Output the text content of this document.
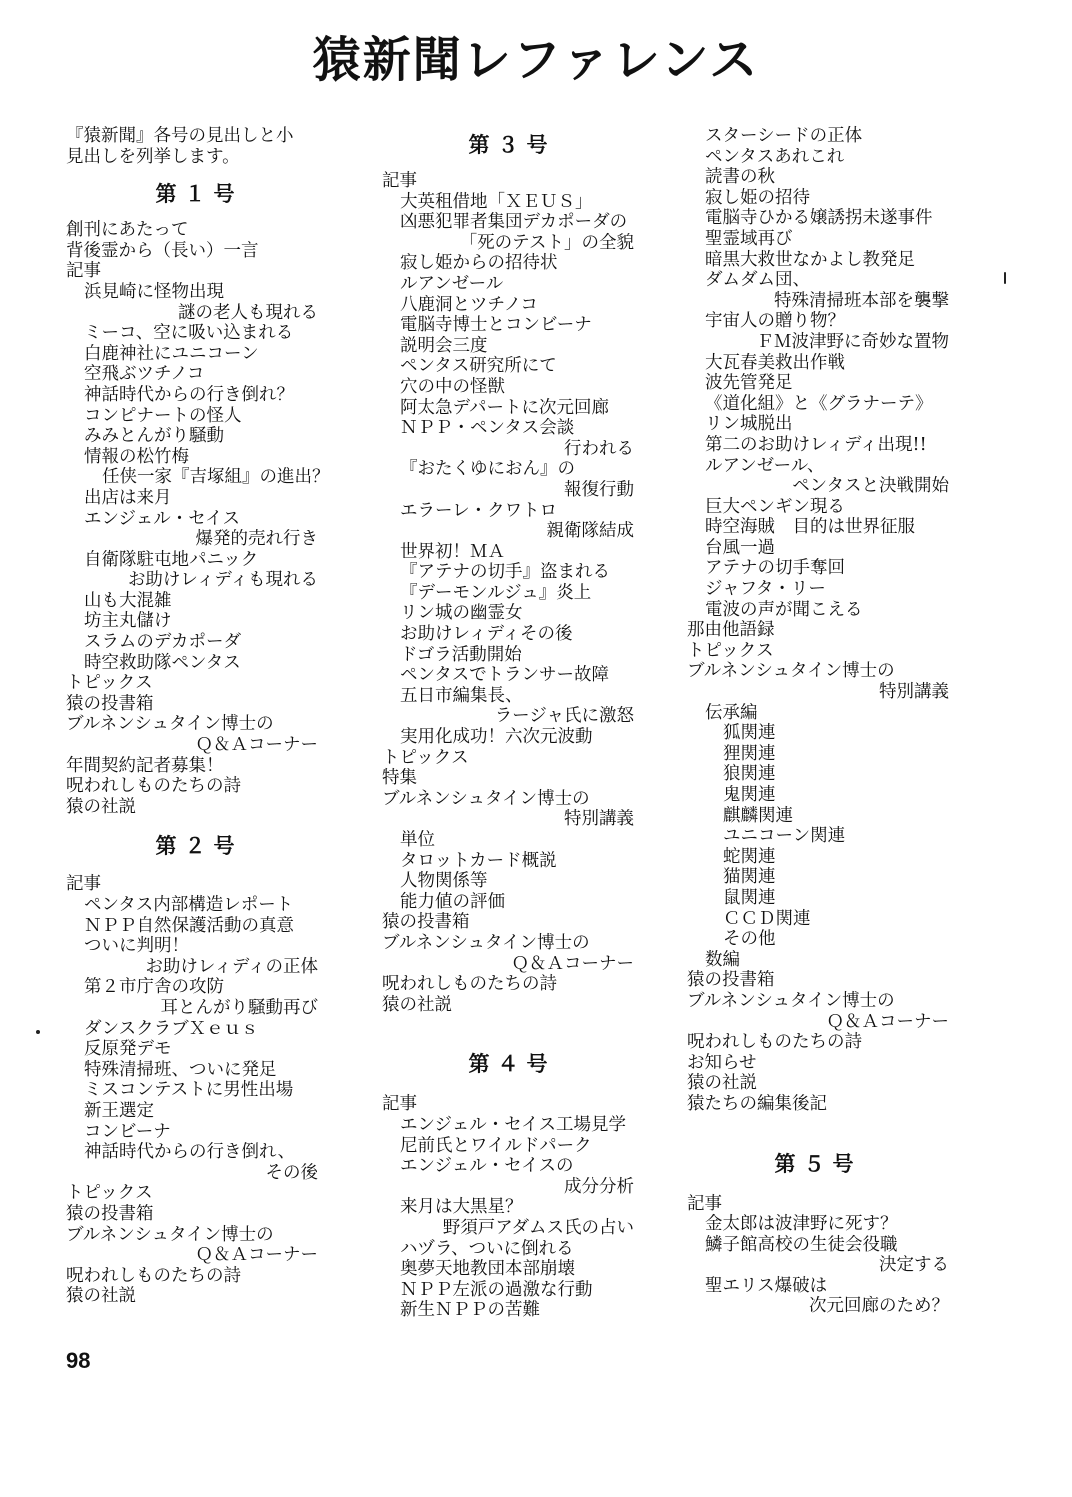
猿新聞レファレンス
『猿新聞』各号の見出しと小
見出しを列挙します。
第１号
創刊にあたって
背後霊から（長い）一言
記事
浜見崎に怪物出現
謎の老人も現れる
ミーコ、空に吸い込まれる
白鹿神社にユニコーン
空飛ぶツチノコ
神話時代からの行き倒れ？
コンピナートの怪人
みみとんがり騒動
情報の松竹梅
任侠一家『吉塚組』の進出？
出店は来月
エンジェル・セイス
爆発的売れ行き
自衛隊駐屯地パニック
お助けレィディも現れる
山も大混雑
坊主丸儲け
スラムのデカポーダ
時空救助隊ペンタス
トピックス
猿の投書箱
ブルネンシュタイン博士の
Ｑ＆Ａコーナー
年間契約記者募集！
呪われしものたちの詩
猿の社説
第２号
記事
ペンタス内部構造レポート
ＮＰＰ自然保護活動の真意
ついに判明！
お助けレィディの正体
第２市庁舎の攻防
耳とんがり騒動再び
ダンスクラブＸｅｕｓ
反原発デモ
特殊清掃班、ついに発足
ミスコンテストに男性出場
新王選定
コンビーナ
神話時代からの行き倒れ、
その後
トピックス
猿の投書箱
ブルネンシュタイン博士の
Ｑ＆Ａコーナー
呪われしものたちの詩
猿の社説
第３号
記事
大英租借地「ＸＥＵＳ」
凶悪犯罪者集団デカポーダの
「死のテスト」の全貌
寂し姫からの招待状
ルアンゼール
八鹿洞とツチノコ
電脳寺博士とコンビーナ
説明会三度
ペンタス研究所にて
穴の中の怪獣
阿太急デパートに次元回廊
ＮＰＰ・ペンタス会談
行われる
『おたくゆにおん』の
報復行動
エラーレ・クワトロ
親衛隊結成
世界初！ＭＡ
『アテナの切手』盗まれる
『デーモンルジュ』炎上
リン城の幽霊女
お助けレィディその後
ドゴラ活動開始
ペンタスでトランサー故障
五日市編集長、
ラージャ氏に激怒
実用化成功！六次元波動
トピックス
特集
ブルネンシュタイン博士の
特別講義
単位
タロットカード概説
人物関係等
能力値の評価
猿の投書箱
ブルネンシュタイン博士の
Ｑ＆Ａコーナー
呪われしものたちの詩
猿の社説
第４号
記事
エンジェル・セイス工場見学
尼前氏とワイルドパーク
エンジェル・セイスの
成分分析
来月は大黒星？
野須戸アダムス氏の占い
ハヅラ、ついに倒れる
奥夢天地教団本部崩壊
ＮＰＰ左派の過激な行動
新生ＮＰＰの苦難
スターシードの正体
ペンタスあれこれ
読書の秋
寂し姫の招待
電脳寺ひかる嬢誘拐未遂事件
聖霊域再び
暗黒大救世なかよし教発足
ダムダム団、
特殊清掃班本部を襲撃
宇宙人の贈り物？
ＦＭ波津野に奇妙な置物
大瓦春美救出作戦
波先管発足
《道化組》と《グラナーテ》
リン城脱出
第二のお助けレィディ出現!!
ルアンゼール、
ペンタスと決戦開始
巨大ペンギン現る
時空海賊　目的は世界征服
台風一過
アテナの切手奪回
ジャフタ・リー
電波の声が聞こえる
那由他語録
トピックス
ブルネンシュタイン博士の
特別講義
伝承編
狐関連
狸関連
狼関連
鬼関連
麒麟関連
ユニコーン関連
蛇関連
猫関連
鼠関連
ＣＣＤ関連
その他
数編
猿の投書箱
ブルネンシュタイン博士の
Ｑ＆Ａコーナー
呪われしものたちの詩
お知らせ
猿の社説
猿たちの編集後記
第５号
記事
金太郎は波津野に死す？
鱗子館高校の生徒会役職
決定する
聖エリス爆破は
次元回廊のため？
98
